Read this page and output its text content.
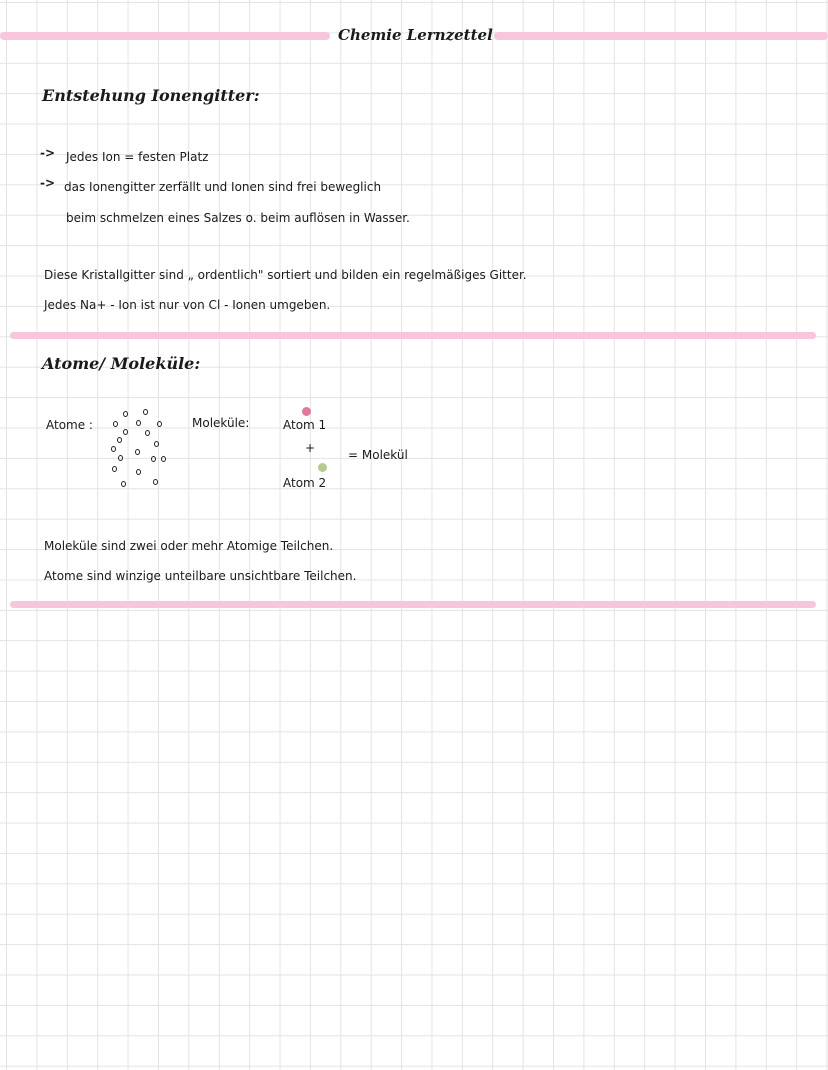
Chemie Lernzettel
Entstehung Ionengitter:
-> Jedes Ion = festen Platz
-> das Ionengitter zerfällt und Ionen sind frei beweglich
beim schmelzen eines Salzes o. beim auflösen in Wasser.
Diese Kristallgitter sind „ ordentlich" sortiert und bilden ein regelmäßiges Gitter.
Jedes Na+ - Ion ist nur von Cl - Ionen umgeben.
Atome/ Moleküle:
Atome :	Moleküle:	Atom 1
+
Atom 2
= Molekül
Moleküle sind zwei oder mehr Atomige Teilchen.
Atome sind winzige unteilbare unsichtbare Teilchen.
